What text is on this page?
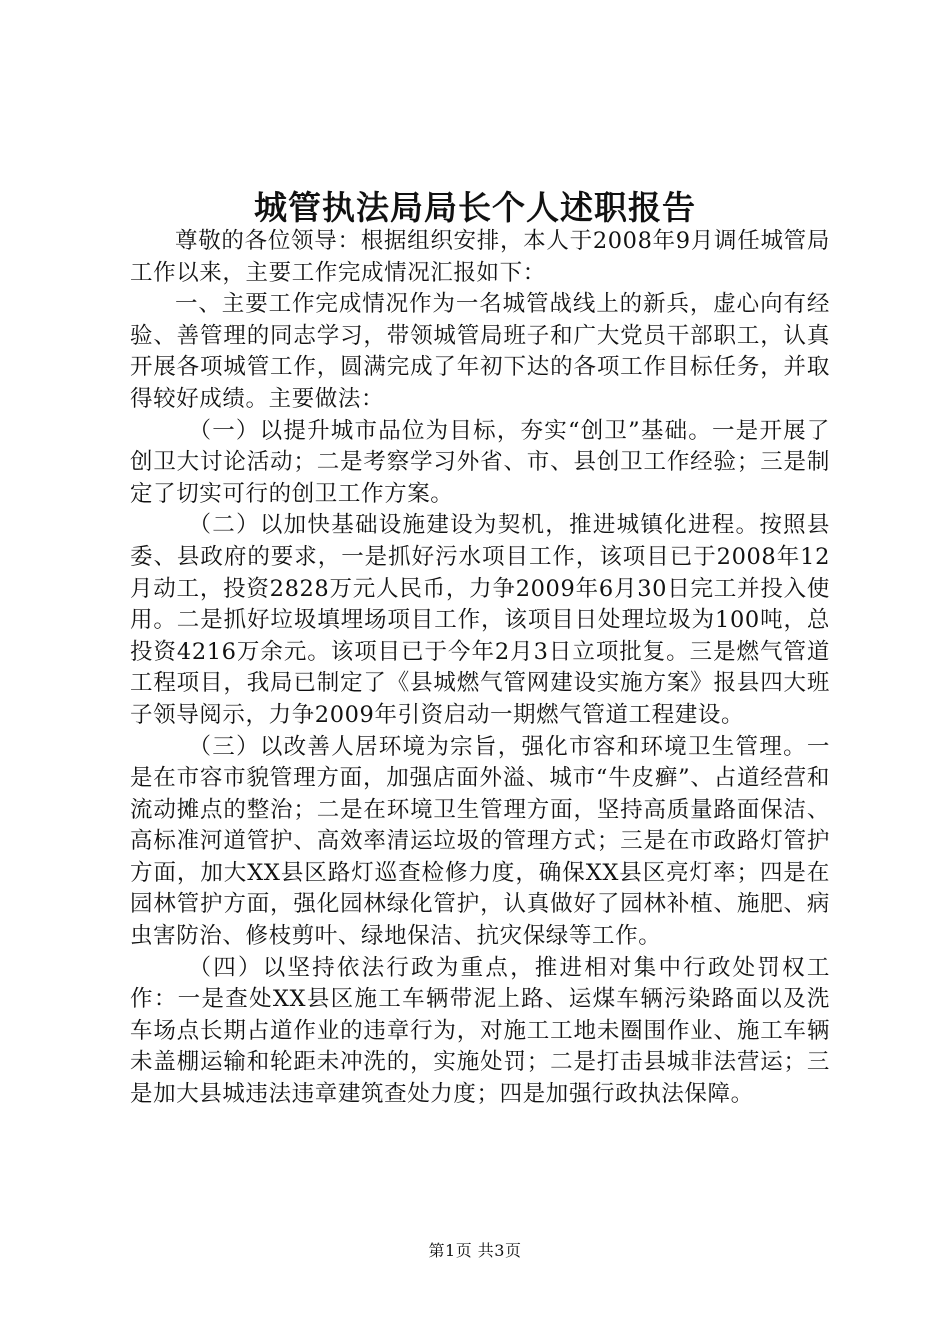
城管执法局局长个人述职报告

尊敬的各位领导：根据组织安排，本人于2008年9月调任城管局工作以来，主要工作完成情况汇报如下：

一、主要工作完成情况作为一名城管战线上的新兵，虚心向有经验、善管理的同志学习，带领城管局班子和广大党员干部职工，认真开展各项城管工作，圆满完成了年初下达的各项工作目标任务，并取得较好成绩。主要做法：

（一）以提升城市品位为目标，夯实“创卫”基础。一是开展了创卫大讨论活动；二是考察学习外省、市、县创卫工作经验；三是制定了切实可行的创卫工作方案。

（二）以加快基础设施建设为契机，推进城镇化进程。按照县委、县政府的要求，一是抓好污水项目工作，该项目已于2008年12月动工，投资2828万元人民币，力争2009年6月30日完工并投入使用。二是抓好垃圾填埋场项目工作，该项目日处理垃圾为100吨，总投资4216万余元。该项目已于今年2月3日立项批复。三是燃气管道工程项目，我局已制定了《县城燃气管网建设实施方案》报县四大班子领导阅示，力争2009年引资启动一期燃气管道工程建设。

（三）以改善人居环境为宗旨，强化市容和环境卫生管理。一是在市容市貌管理方面，加强店面外溢、城市“牛皮癣”、占道经营和流动摊点的整治；二是在环境卫生管理方面，坚持高质量路面保洁、高标准河道管护、高效率清运垃圾的管理方式；三是在市政路灯管护方面，加大XX县区路灯巡查检修力度，确保XX县区亮灯率；四是在园林管护方面，强化园林绿化管护，认真做好了园林补植、施肥、病虫害防治、修枝剪叶、绿地保洁、抗灾保绿等工作。

（四）以坚持依法行政为重点，推进相对集中行政处罚权工作：一是查处XX县区施工车辆带泥上路、运煤车辆污染路面以及洗车场点长期占道作业的违章行为，对施工工地未圈围作业、施工车辆未盖棚运输和轮距未冲洗的，实施处罚；二是打击县城非法营运；三是加大县城违法违章建筑查处力度；四是加强行政执法保障。

第1页 共3页
